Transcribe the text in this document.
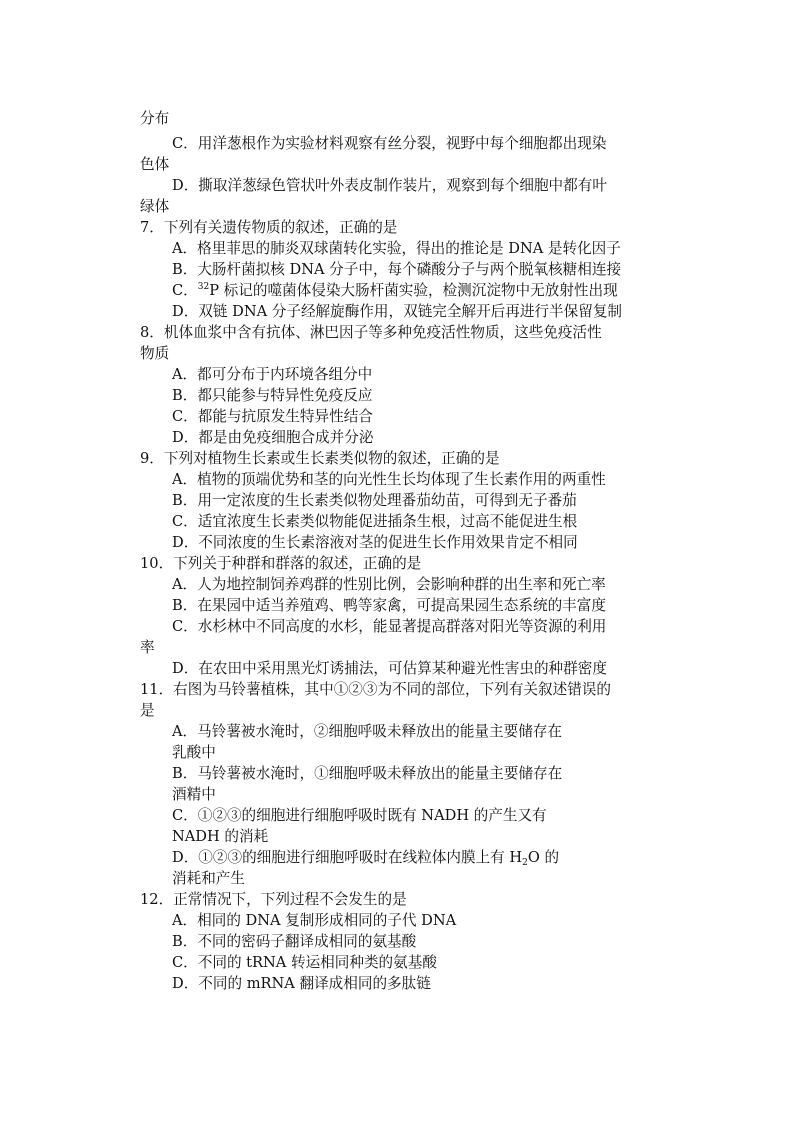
分布
C．用洋葱根作为实验材料观察有丝分裂，视野中每个细胞都出现染
色体
D．撕取洋葱绿色管状叶外表皮制作装片，观察到每个细胞中都有叶
绿体
7．下列有关遗传物质的叙述，正确的是
A．格里菲思的肺炎双球菌转化实验，得出的推论是 DNA 是转化因子
B．大肠杆菌拟核 DNA 分子中，每个磷酸分子与两个脱氧核糖相连接
C．$^{32}$P 标记的噬菌体侵染大肠杆菌实验，检测沉淀物中无放射性出现
D．双链 DNA 分子经解旋酶作用，双链完全解开后再进行半保留复制
8．机体血浆中含有抗体、淋巴因子等多种免疫活性物质，这些免疫活性
物质
A．都可分布于内环境各组分中
B．都只能参与特异性免疫反应
C．都能与抗原发生特异性结合
D．都是由免疫细胞合成并分泌
9．下列对植物生长素或生长素类似物的叙述，正确的是
A．植物的顶端优势和茎的向光性生长均体现了生长素作用的两重性
B．用一定浓度的生长素类似物处理番茄幼苗，可得到无子番茄
C．适宜浓度生长素类似物能促进插条生根，过高不能促进生根
D．不同浓度的生长素溶液对茎的促进生长作用效果肯定不相同
10．下列关于种群和群落的叙述，正确的是
A．人为地控制饲养鸡群的性别比例，会影响种群的出生率和死亡率
B．在果园中适当养殖鸡、鸭等家禽，可提高果园生态系统的丰富度
C．水杉林中不同高度的水杉，能显著提高群落对阳光等资源的利用
率
D．在农田中采用黑光灯诱捕法，可估算某种避光性害虫的种群密度
11．右图为马铃薯植株，其中①②③为不同的部位，下列有关叙述错误的
是
A．马铃薯被水淹时，②细胞呼吸未释放出的能量主要储存在
乳酸中
B．马铃薯被水淹时，①细胞呼吸未释放出的能量主要储存在
酒精中
C．①②③的细胞进行细胞呼吸时既有 NADH 的产生又有
NADH 的消耗
D．①②③的细胞进行细胞呼吸时在线粒体内膜上有 $H_2O$ 的
消耗和产生
12．正常情况下，下列过程不会发生的是
A．相同的 DNA 复制形成相同的子代 DNA
B．不同的密码子翻译成相同的氨基酸
C．不同的 tRNA 转运相同种类的氨基酸
D．不同的 mRNA 翻译成相同的多肽链
